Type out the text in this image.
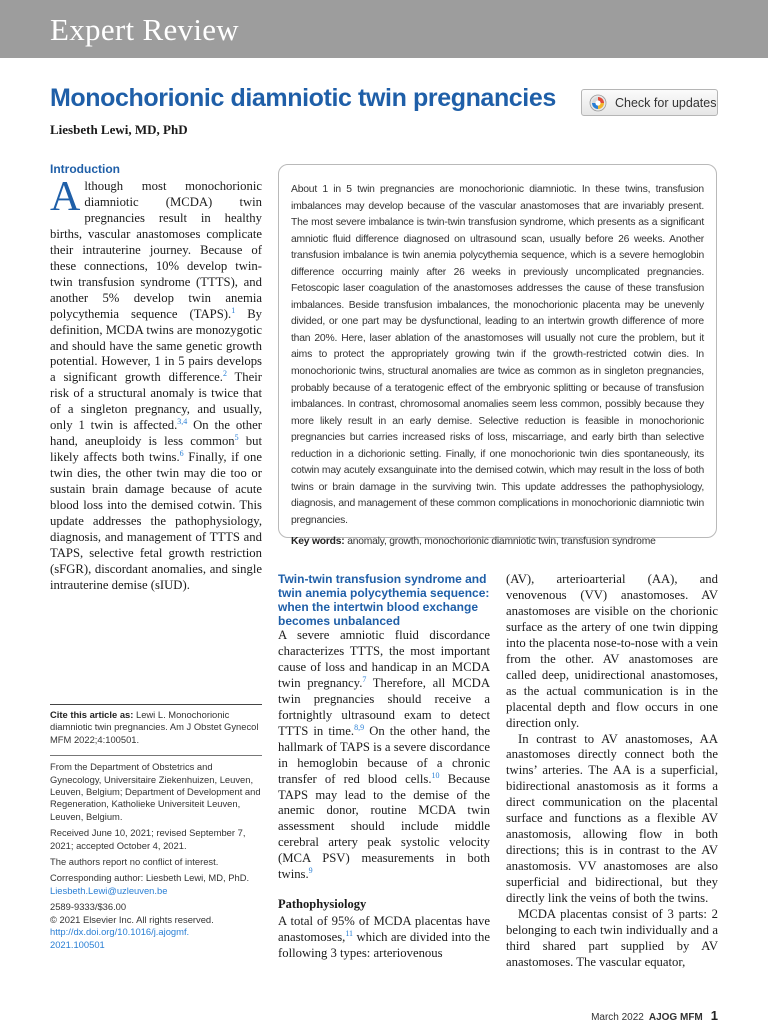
Expert Review
Monochorionic diamniotic twin pregnancies	Check for updates
Liesbeth Lewi, MD, PhD
Introduction
Although most monochorionic diamniotic (MCDA) twin pregnancies result in healthy births, vascular anastomoses complicate their intrauterine journey. Because of these connections, 10% develop twin-twin transfusion syndrome (TTTS), and another 5% develop twin anemia polycythemia sequence (TAPS).$^1$ By definition, MCDA twins are monozygotic and should have the same genetic growth potential. However, 1 in 5 pairs develops a significant growth difference.$^2$ Their risk of a structural anomaly is twice that of a singleton pregnancy, and usually, only 1 twin is affected.$^{3,4}$ On the other hand, aneuploidy is less common$^5$ but likely affects both twins.$^6$ Finally, if one twin dies, the other twin may die too or sustain brain damage because of acute blood loss into the demised cotwin. This update addresses the pathophysiology, diagnosis, and management of TTTS and TAPS, selective fetal growth restriction (sFGR), discordant anomalies, and single intrauterine demise (sIUD).
About 1 in 5 twin pregnancies are monochorionic diamniotic. In these twins, transfusion imbalances may develop because of the vascular anastomoses that are invariably present. The most severe imbalance is twin-twin transfusion syndrome, which presents as a significant amniotic fluid difference diagnosed on ultrasound scan, usually before 26 weeks. Another transfusion imbalance is twin anemia polycythemia sequence, which is a severe hemoglobin difference occurring mainly after 26 weeks in previously uncomplicated pregnancies. Fetoscopic laser coagulation of the anastomoses addresses the cause of these transfusion imbalances. Beside transfusion imbalances, the monochorionic placenta may be unevenly divided, or one part may be dysfunctional, leading to an intertwin growth difference of more than 20%. Here, laser ablation of the anastomoses will usually not cure the problem, but it aims to protect the appropriately growing twin if the growth-restricted cotwin dies. In monochorionic twins, structural anomalies are twice as common as in singleton pregnancies, probably because of a teratogenic effect of the embryonic splitting or because of transfusion imbalances. In contrast, chromosomal anomalies seem less common, possibly because they more likely result in an early demise. Selective reduction is feasible in monochorionic pregnancies but carries increased risks of loss, miscarriage, and early birth than selective reduction in a dichorionic setting. Finally, if one monochorionic twin dies spontaneously, its cotwin may acutely exsanguinate into the demised cotwin, which may result in the loss of both twins or brain damage in the surviving twin. This update addresses the pathophysiology, diagnosis, and management of these common complications in monochorionic diamniotic twin pregnancies.
Key words: anomaly, growth, monochorionic diamniotic twin, transfusion syndrome
Twin-twin transfusion syndrome and twin anemia polycythemia sequence: when the intertwin blood exchange becomes unbalanced

A severe amniotic fluid discordance characterizes TTTS, the most important cause of loss and handicap in an MCDA twin pregnancy.$^7$ Therefore, all MCDA twin pregnancies should receive a fortnightly ultrasound exam to detect TTTS in time.$^{8,9}$ On the other hand, the hallmark of TAPS is a severe discordance in hemoglobin because of a chronic transfer of red blood cells.$^{10}$ Because TAPS may lead to the demise of the anemic donor, routine MCDA twin assessment should include middle cerebral artery peak systolic velocity (MCA PSV) measurements in both twins.$^9$

Pathophysiology

A total of 95% of MCDA placentas have anastomoses,$^{11}$ which are divided into the following 3 types: arteriovenous

(AV), arterioarterial (AA), and venovenous (VV) anastomoses. AV anastomoses are visible on the chorionic surface as the artery of one twin dipping into the placenta nose-to-nose with a vein from the other. AV anastomoses are called deep, unidirectional anastomoses, as the actual communication is in the placental depth and flow occurs in one direction only.

In contrast to AV anastomoses, AA anastomoses directly connect both the twins’ arteries. The AA is a superficial, bidirectional anastomosis as it forms a direct communication on the placental surface and functions as a flexible AV anastomosis, allowing flow in both directions; this is in contrast to the AV anastomosis. VV anastomoses are also superficial and bidirectional, but they directly link the veins of both the twins.

MCDA placentas consist of 3 parts: 2 belonging to each twin individually and a third shared part supplied by AV anastomoses. The vascular equator,

Cite this article as: Lewi L. Monochorionic diamniotic twin pregnancies. Am J Obstet Gynecol MFM 2022;4:100501.

From the Department of Obstetrics and Gynecology, Universitaire Ziekenhuizen, Leuven, Leuven, Belgium; Department of Development and Regeneration, Katholieke Universiteit Leuven, Leuven, Belgium.

Received June 10, 2021; revised September 7, 2021; accepted October 4, 2021.

The authors report no conflict of interest.

Corresponding author: Liesbeth Lewi, MD, PhD. Liesbeth.Lewi@uzleuven.be

2589-9333/$36.00

© 2021 Elsevier Inc. All rights reserved.

http://dx.doi.org/10.1016/j.ajogmf.2021.100501

March 2022 AJOG MFM 1
